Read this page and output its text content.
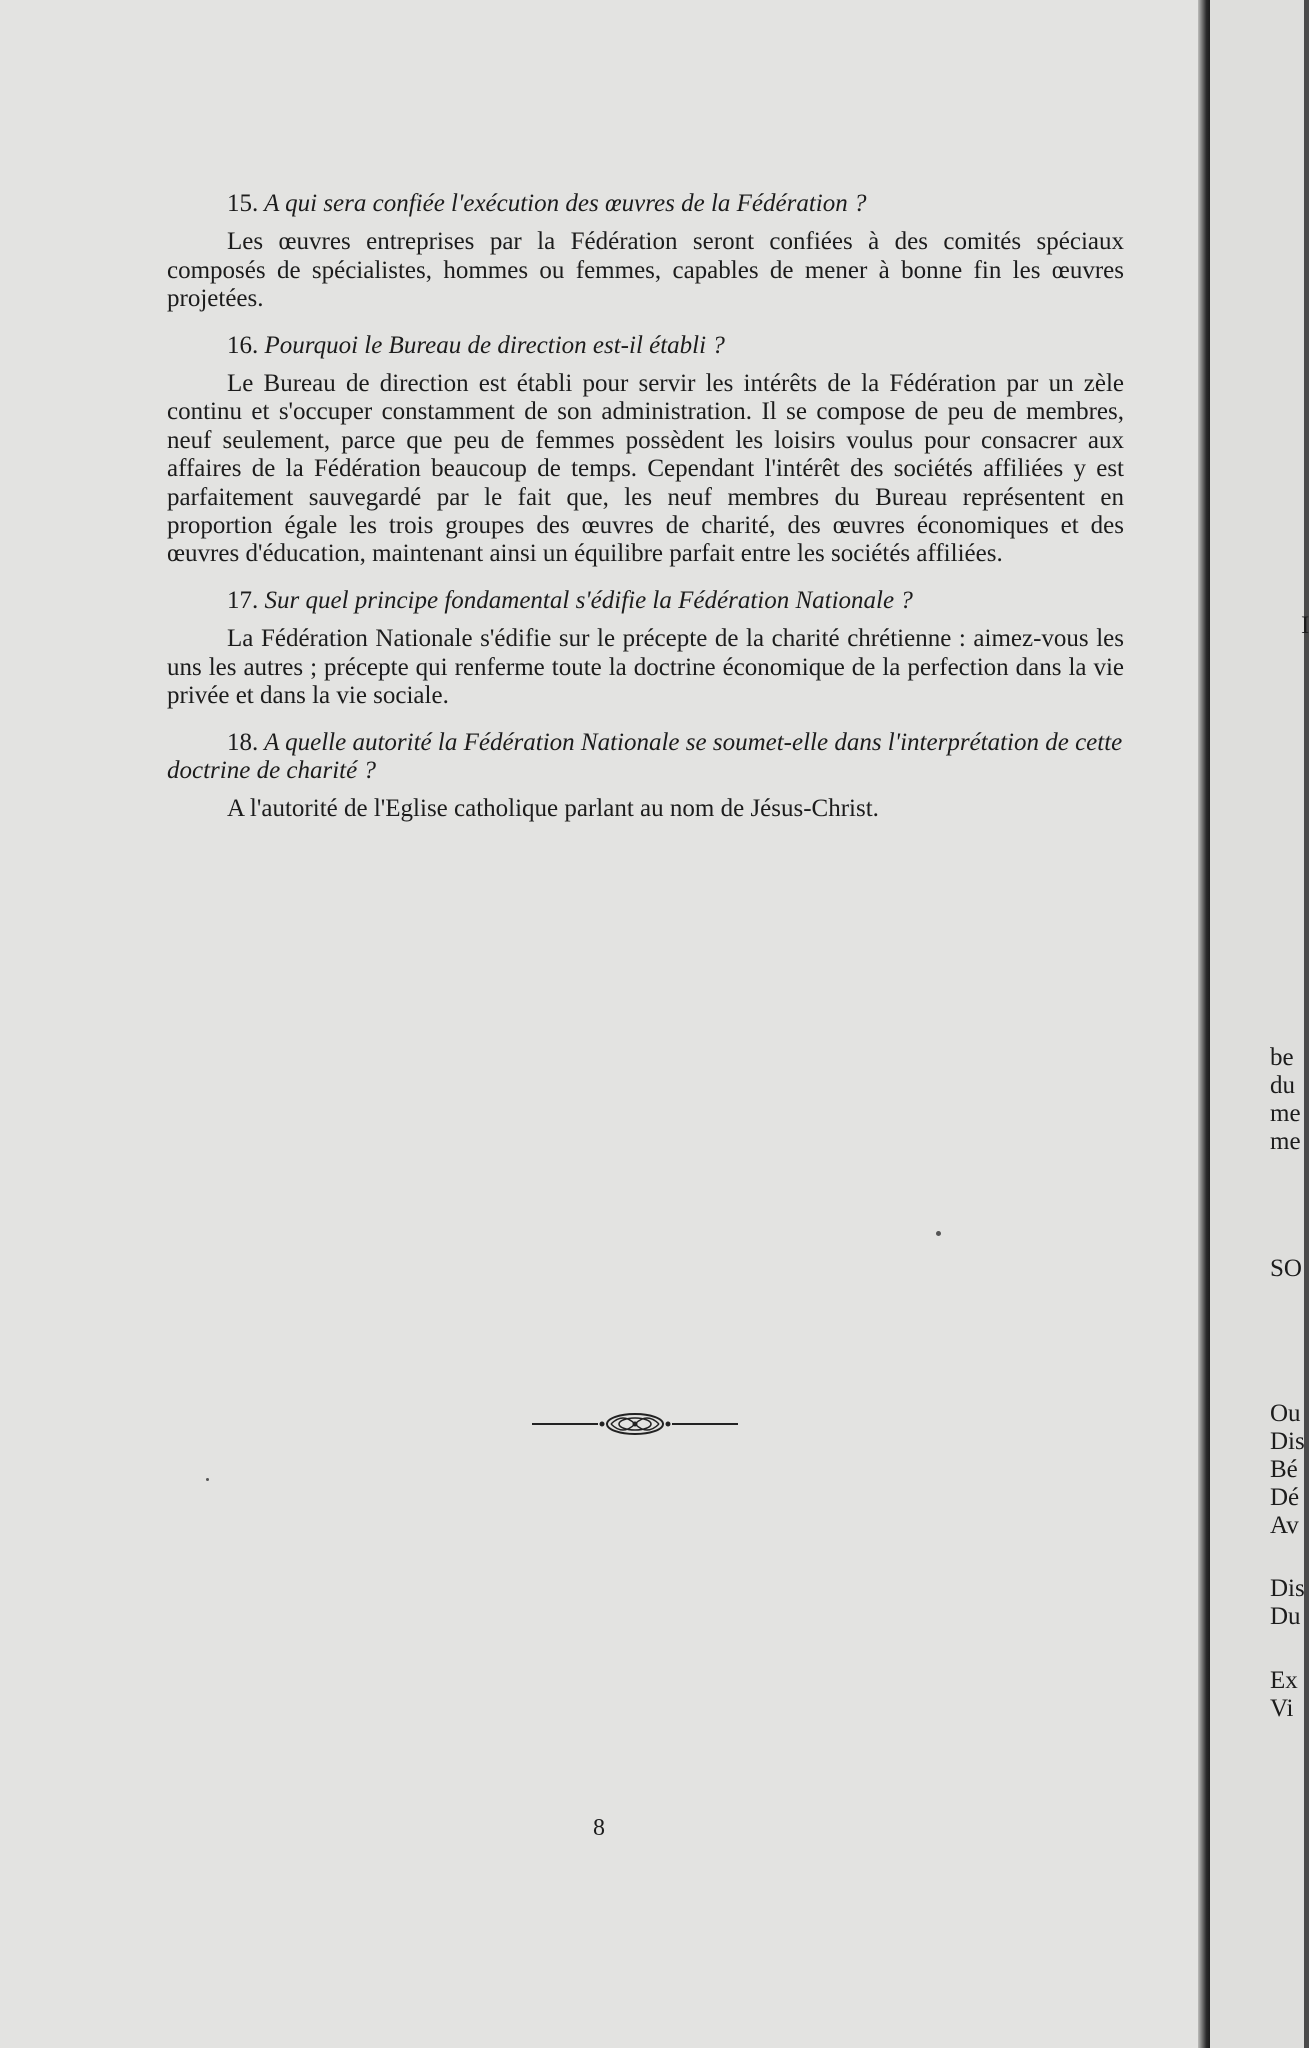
15. A qui sera confiée l'exécution des œuvres de la Fédération ?

Les œuvres entreprises par la Fédération seront confiées à des comités spéciaux composés de spécialistes, hommes ou femmes, capables de mener à bonne fin les œuvres projetées.

16. Pourquoi le Bureau de direction est-il établi ?

Le Bureau de direction est établi pour servir les intérêts de la Fédération par un zèle continu et s'occuper constamment de son administration. Il se compose de peu de membres, neuf seulement, parce que peu de femmes possèdent les loisirs voulus pour consacrer aux affaires de la Fédération beaucoup de temps. Cependant l'intérêt des sociétés affiliées y est parfaitement sauvegardé par le fait que, les neuf membres du Bureau représentent en proportion égale les trois groupes des œuvres de charité, des œuvres économiques et des œuvres d'éducation, maintenant ainsi un équilibre parfait entre les sociétés affiliées.

17. Sur quel principe fondamental s'édifie la Fédération Nationale ?

La Fédération Nationale s'édifie sur le précepte de la charité chrétienne : aimez-vous les uns les autres ; précepte qui renferme toute la doctrine économique de la perfection dans la vie privée et dans la vie sociale.

18. A quelle autorité la Fédération Nationale se soumet-elle dans l'interprétation de cette doctrine de charité ?

A l'autorité de l'Eglise catholique parlant au nom de Jésus-Christ.

8
I
be
du
me
me
SO
Ou
Dis
Bé
Dé
Av
Dis
Du
Ex
Vi
